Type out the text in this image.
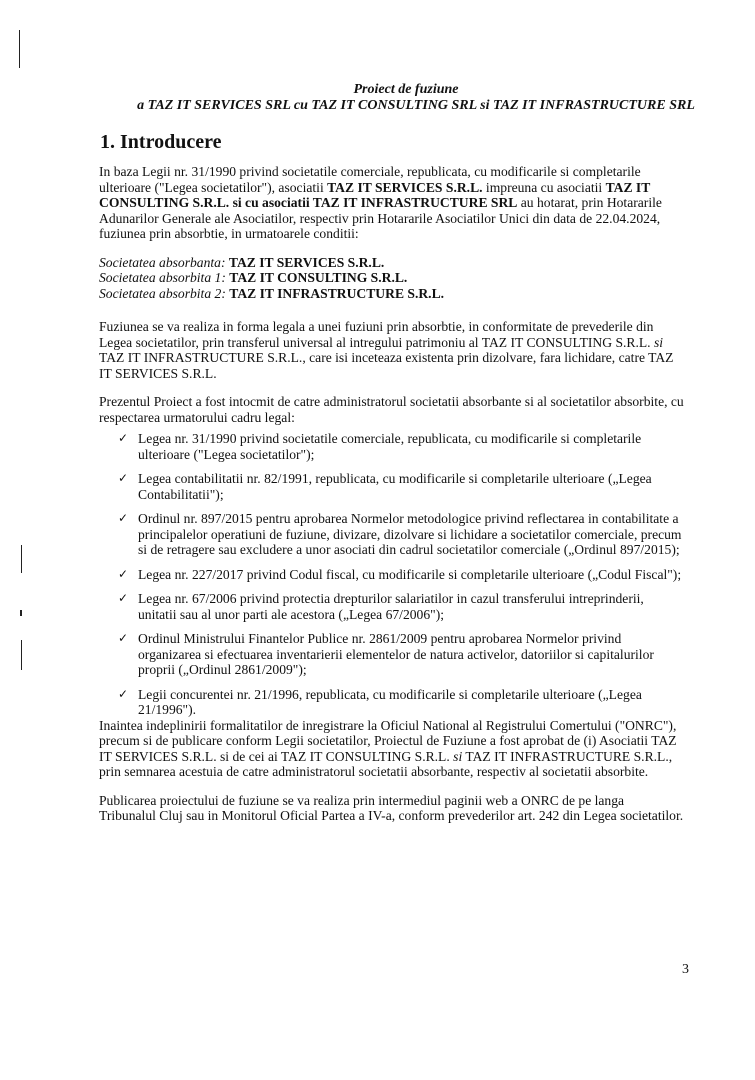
Proiect de fuziune
a TAZ IT SERVICES SRL cu TAZ IT CONSULTING SRL si TAZ IT INFRASTRUCTURE SRL
1. Introducere

In baza Legii nr. 31/1990 privind societatile comerciale, republicata, cu modificarile si completarile ulterioare ("Legea societatilor"), asociatii TAZ IT SERVICES S.R.L. impreuna cu asociatii TAZ IT CONSULTING S.R.L. si cu asociatii TAZ IT INFRASTRUCTURE SRL au hotarat, prin Hotararile Adunarilor Generale ale Asociatilor, respectiv prin Hotararile Asociatilor Unici din data de 22.04.2024, fuziunea prin absorbtie, in urmatoarele conditii:

Societatea absorbanta: TAZ IT SERVICES S.R.L.
Societatea absorbita 1: TAZ IT CONSULTING S.R.L.
Societatea absorbita 2: TAZ IT INFRASTRUCTURE S.R.L.

Fuziunea se va realiza in forma legala a unei fuziuni prin absorbtie, in conformitate de prevederile din Legea societatilor, prin transferul universal al intregului patrimoniu al TAZ IT CONSULTING S.R.L. si TAZ IT INFRASTRUCTURE S.R.L., care isi inceteaza existenta prin dizolvare, fara lichidare, catre TAZ IT SERVICES S.R.L.

Prezentul Proiect a fost intocmit de catre administratorul societatii absorbante si al societatilor absorbite, cu respectarea urmatorului cadru legal:

✓ Legea nr. 31/1990 privind societatile comerciale, republicata, cu modificarile si completarile ulterioare ("Legea societatilor");
✓ Legea contabilitatii nr. 82/1991, republicata, cu modificarile si completarile ulterioare („Legea Contabilitatii");
✓ Ordinul nr. 897/2015 pentru aprobarea Normelor metodologice privind reflectarea in contabilitate a principalelor operatiuni de fuziune, divizare, dizolvare si lichidare a societatilor comerciale, precum si de retragere sau excludere a unor asociati din cadrul societatilor comerciale („Ordinul 897/2015);
✓ Legea nr. 227/2017 privind Codul fiscal, cu modificarile si completarile ulterioare („Codul Fiscal");
✓ Legea nr. 67/2006 privind protectia drepturilor salariatilor in cazul transferului intreprinderii, unitatii sau al unor parti ale acestora („Legea 67/2006");
✓ Ordinul Ministrului Finantelor Publice nr. 2861/2009 pentru aprobarea Normelor privind organizarea si efectuarea inventarierii elementelor de natura activelor, datoriilor si capitalurilor proprii („Ordinul 2861/2009");
✓ Legii concurentei nr. 21/1996, republicata, cu modificarile si completarile ulterioare („Legea 21/1996").

Inaintea indeplinirii formalitatilor de inregistrare la Oficiul National al Registrului Comertului ("ONRC"), precum si de publicare conform Legii societatilor, Proiectul de Fuziune a fost aprobat de (i) Asociatii TAZ IT SERVICES S.R.L. si de cei ai TAZ IT CONSULTING S.R.L. si TAZ IT INFRASTRUCTURE S.R.L., prin semnarea acestuia de catre administratorul societatii absorbante, respectiv al societatii absorbite.

Publicarea proiectului de fuziune se va realiza prin intermediul paginii web a ONRC de pe langa Tribunalul Cluj sau in Monitorul Oficial Partea a IV-a, conform prevederilor art. 242 din Legea societatilor.

3
